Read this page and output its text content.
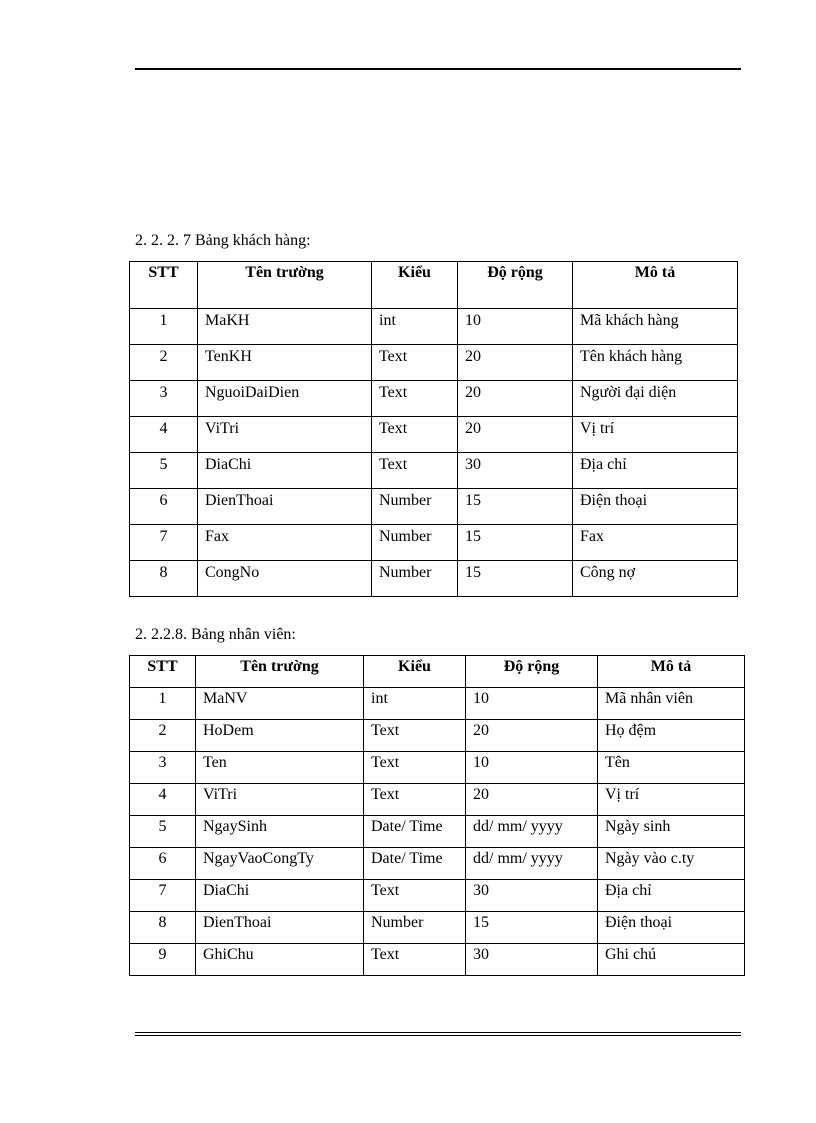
2. 2. 2. 7 Bảng khách hàng:
STT	Tên trường	Kiểu	Độ rộng	Mô tả
1	MaKH	int	10	Mã khách hàng
2	TenKH	Text	20	Tên khách hàng
3	NguoiDaiDien	Text	20	Người đại diện
4	ViTri	Text	20	Vị trí
5	DiaChi	Text	30	Địa chỉ
6	DienThoai	Number	15	Điện thoại
7	Fax	Number	15	Fax
8	CongNo	Number	15	Công nợ
2. 2.2.8. Bảng nhân viên:
STT	Tên trường	Kiểu	Độ rộng	Mô tả
1	MaNV	int	10	Mã nhân viên
2	HoDem	Text	20	Họ đệm
3	Ten	Text	10	Tên
4	ViTri	Text	20	Vị trí
5	NgaySinh	Date/ Time	dd/ mm/ yyyy	Ngày sinh
6	NgayVaoCongTy	Date/ Time	dd/ mm/ yyyy	Ngày vào c.ty
7	DiaChi	Text	30	Địa chỉ
8	DienThoai	Number	15	Điện thoại
9	GhiChu	Text	30	Ghi chú
